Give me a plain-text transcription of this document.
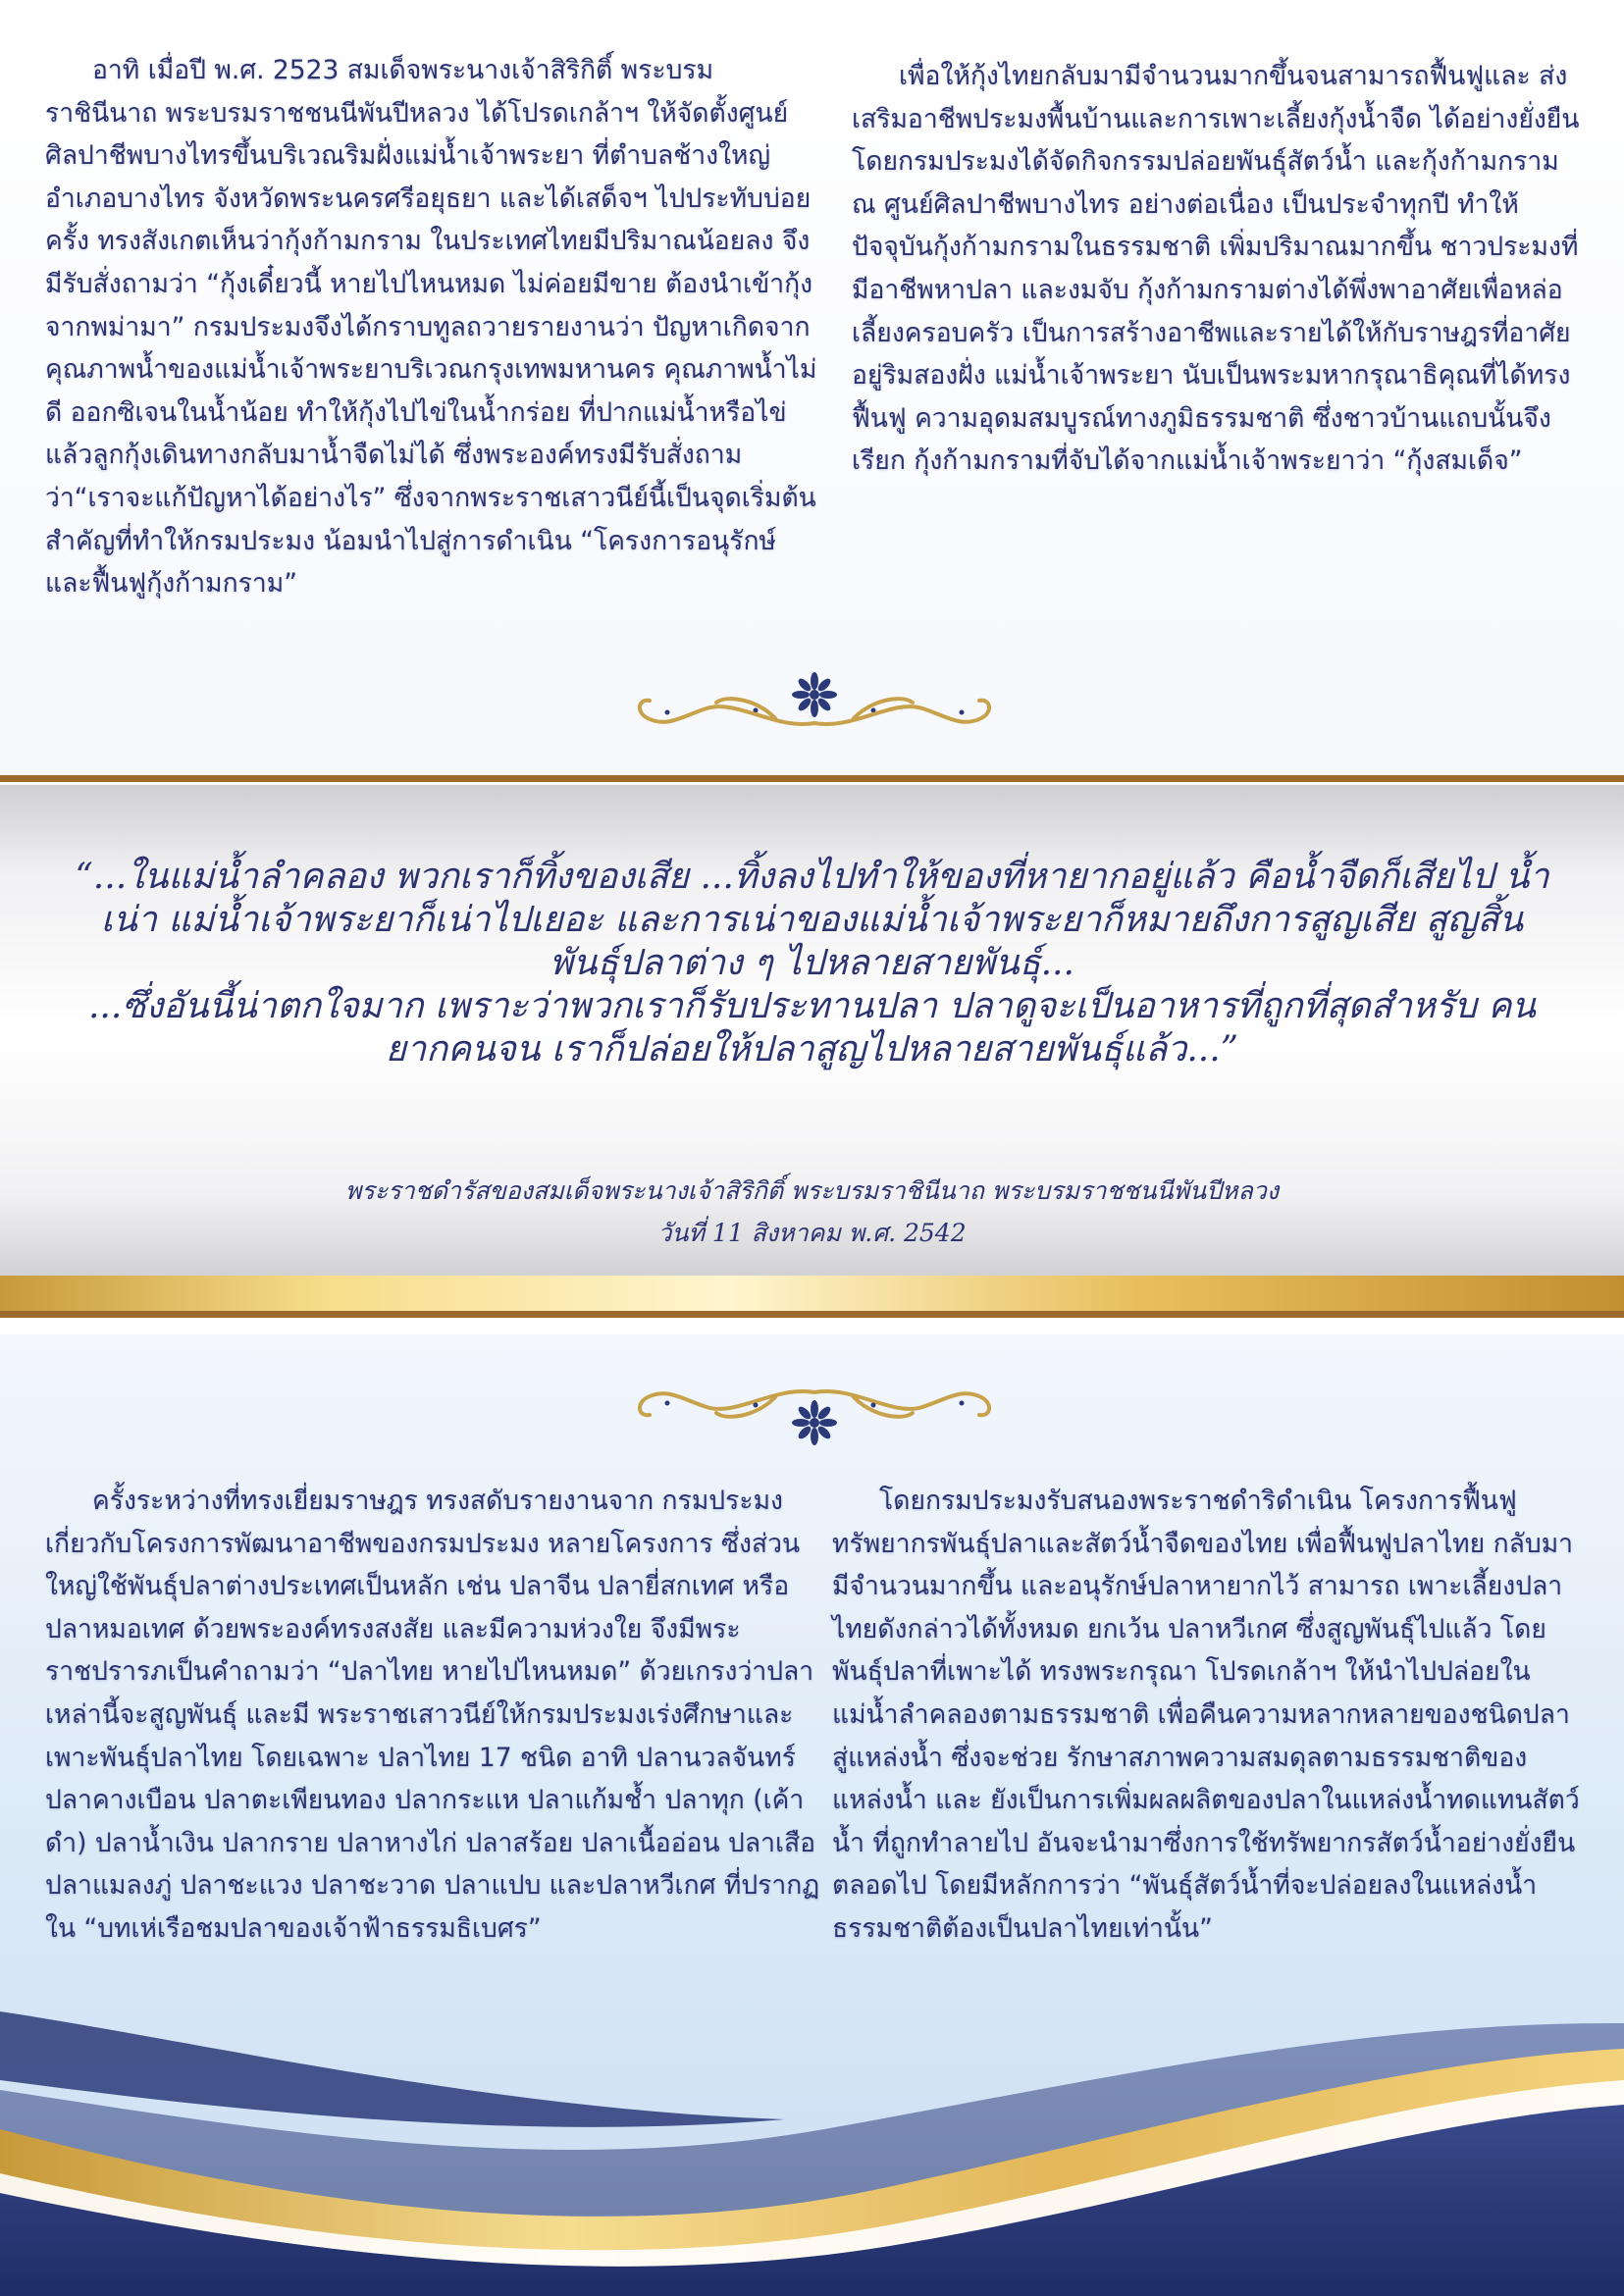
อาทิ เมื่อปี พ.ศ. 2523 สมเด็จพระนางเจ้าสิริกิติ์ พระบรมราชินีนาถ พระบรมราชชนนีพันปีหลวง ได้โปรดเกล้าฯ ให้จัดตั้งศูนย์ศิลปาชีพบางไทรขึ้นบริเวณริมฝั่งแม่น้ำเจ้าพระยา ที่ตำบลช้างใหญ่ อำเภอบางไทร จังหวัดพระนครศรีอยุธยา และได้เสด็จฯ ไปประทับบ่อยครั้ง ทรงสังเกตเห็นว่ากุ้งก้ามกราม ในประเทศไทยมีปริมาณน้อยลง จึงมีรับสั่งถามว่า “กุ้งเดี๋ยวนี้ หายไปไหนหมด ไม่ค่อยมีขาย ต้องนำเข้ากุ้งจากพม่ามา” กรมประมงจึงได้กราบทูลถวายรายงานว่า ปัญหาเกิดจาก คุณภาพน้ำของแม่น้ำเจ้าพระยาบริเวณกรุงเทพมหานคร คุณภาพน้ำไม่ดี ออกซิเจนในน้ำน้อย ทำให้กุ้งไปไข่ในน้ำกร่อย ที่ปากแม่น้ำหรือไข่แล้วลูกกุ้งเดินทางกลับมาน้ำจืดไม่ได้ ซึ่งพระองค์ทรงมีรับสั่งถามว่า“เราจะแก้ปัญหาได้อย่างไร” ซึ่งจากพระราชเสาวนีย์นี้เป็นจุดเริ่มต้นสำคัญที่ทำให้กรมประมง น้อมนำไปสู่การดำเนิน “โครงการอนุรักษ์และฟื้นฟูกุ้งก้ามกราม”

เพื่อให้กุ้งไทยกลับมามีจำนวนมากขึ้นจนสามารถฟื้นฟูและ ส่งเสริมอาชีพประมงพื้นบ้านและการเพาะเลี้ยงกุ้งน้ำจืด ได้อย่างยั่งยืน โดยกรมประมงได้จัดกิจกรรมปล่อยพันธุ์สัตว์น้ำ และกุ้งก้ามกราม ณ ศูนย์ศิลปาชีพบางไทร อย่างต่อเนื่อง เป็นประจำทุกปี ทำให้ปัจจุบันกุ้งก้ามกรามในธรรมชาติ เพิ่มปริมาณมากขึ้น ชาวประมงที่มีอาชีพหาปลา และงมจับ กุ้งก้ามกรามต่างได้พึ่งพาอาศัยเพื่อหล่อเลี้ยงครอบครัว เป็นการสร้างอาชีพและรายได้ให้กับราษฎรที่อาศัยอยู่ริมสองฝั่ง แม่น้ำเจ้าพระยา นับเป็นพระมหากรุณาธิคุณที่ได้ทรงฟื้นฟู ความอุดมสมบูรณ์ทางภูมิธรรมชาติ ซึ่งชาวบ้านแถบนั้นจึงเรียก กุ้งก้ามกรามที่จับได้จากแม่น้ำเจ้าพระยาว่า “กุ้งสมเด็จ”

“...ในแม่น้ำลำคลอง พวกเราก็ทิ้งของเสีย ...ทิ้งลงไปทำให้ของที่หายากอยู่แล้ว คือน้ำจืดก็เสียไป น้ำเน่า แม่น้ำเจ้าพระยาก็เน่าไปเยอะ และการเน่าของแม่น้ำเจ้าพระยาก็หมายถึงการสูญเสีย สูญสิ้นพันธุ์ปลาต่าง ๆ ไปหลายสายพันธุ์...

...ซึ่งอันนี้น่าตกใจมาก เพราะว่าพวกเราก็รับประทานปลา ปลาดูจะเป็นอาหารที่ถูกที่สุดสำหรับ คนยากคนจน เราก็ปล่อยให้ปลาสูญไปหลายสายพันธุ์แล้ว...”

พระราชดำรัสของสมเด็จพระนางเจ้าสิริกิติ์ พระบรมราชินีนาถ พระบรมราชชนนีพันปีหลวง

วันที่ 11 สิงหาคม พ.ศ. 2542

ครั้งระหว่างที่ทรงเยี่ยมราษฎร ทรงสดับรายงานจาก กรมประมงเกี่ยวกับโครงการพัฒนาอาชีพของกรมประมง หลายโครงการ ซึ่งส่วนใหญ่ใช้พันธุ์ปลาต่างประเทศเป็นหลัก เช่น ปลาจีน ปลายี่สกเทศ หรือปลาหมอเทศ ด้วยพระองค์ทรงสงสัย และมีความห่วงใย จึงมีพระราชปรารภเป็นคำถามว่า “ปลาไทย หายไปไหนหมด” ด้วยเกรงว่าปลาเหล่านี้จะสูญพันธุ์ และมี พระราชเสาวนีย์ให้กรมประมงเร่งศึกษาและเพาะพันธุ์ปลาไทย โดยเฉพาะ ปลาไทย 17 ชนิด อาทิ ปลานวลจันทร์ ปลาคางเบือน ปลาตะเพียนทอง ปลากระแห ปลาแก้มช้ำ ปลาทุก (เค้าดำ) ปลาน้ำเงิน ปลากราย ปลาหางไก่ ปลาสร้อย ปลาเนื้ออ่อน ปลาเสือ ปลาแมลงภู่ ปลาชะแวง ปลาชะวาด ปลาแปบ และปลาหวีเกศ ที่ปรากฏใน “บทเห่เรือชมปลาของเจ้าฟ้าธรรมธิเบศร”

โดยกรมประมงรับสนองพระราชดำริดำเนิน โครงการฟื้นฟู ทรัพยากรพันธุ์ปลาและสัตว์น้ำจืดของไทย เพื่อฟื้นฟูปลาไทย กลับมามีจำนวนมากขึ้น และอนุรักษ์ปลาหายากไว้ สามารถ เพาะเลี้ยงปลาไทยดังกล่าวได้ทั้งหมด ยกเว้น ปลาหวีเกศ ซึ่งสูญพันธุ์ไปแล้ว โดยพันธุ์ปลาที่เพาะได้ ทรงพระกรุณา โปรดเกล้าฯ ให้นำไปปล่อยในแม่น้ำลำคลองตามธรรมชาติ เพื่อคืนความหลากหลายของชนิดปลาสู่แหล่งน้ำ ซึ่งจะช่วย รักษาสภาพความสมดุลตามธรรมชาติของแหล่งน้ำ และ ยังเป็นการเพิ่มผลผลิตของปลาในแหล่งน้ำทดแทนสัตว์น้ำ ที่ถูกทำลายไป อันจะนำมาซึ่งการใช้ทรัพยากรสัตว์น้ำอย่างยั่งยืน ตลอดไป โดยมีหลักการว่า “พันธุ์สัตว์น้ำที่จะปล่อยลงในแหล่งน้ำ ธรรมชาติต้องเป็นปลาไทยเท่านั้น”
